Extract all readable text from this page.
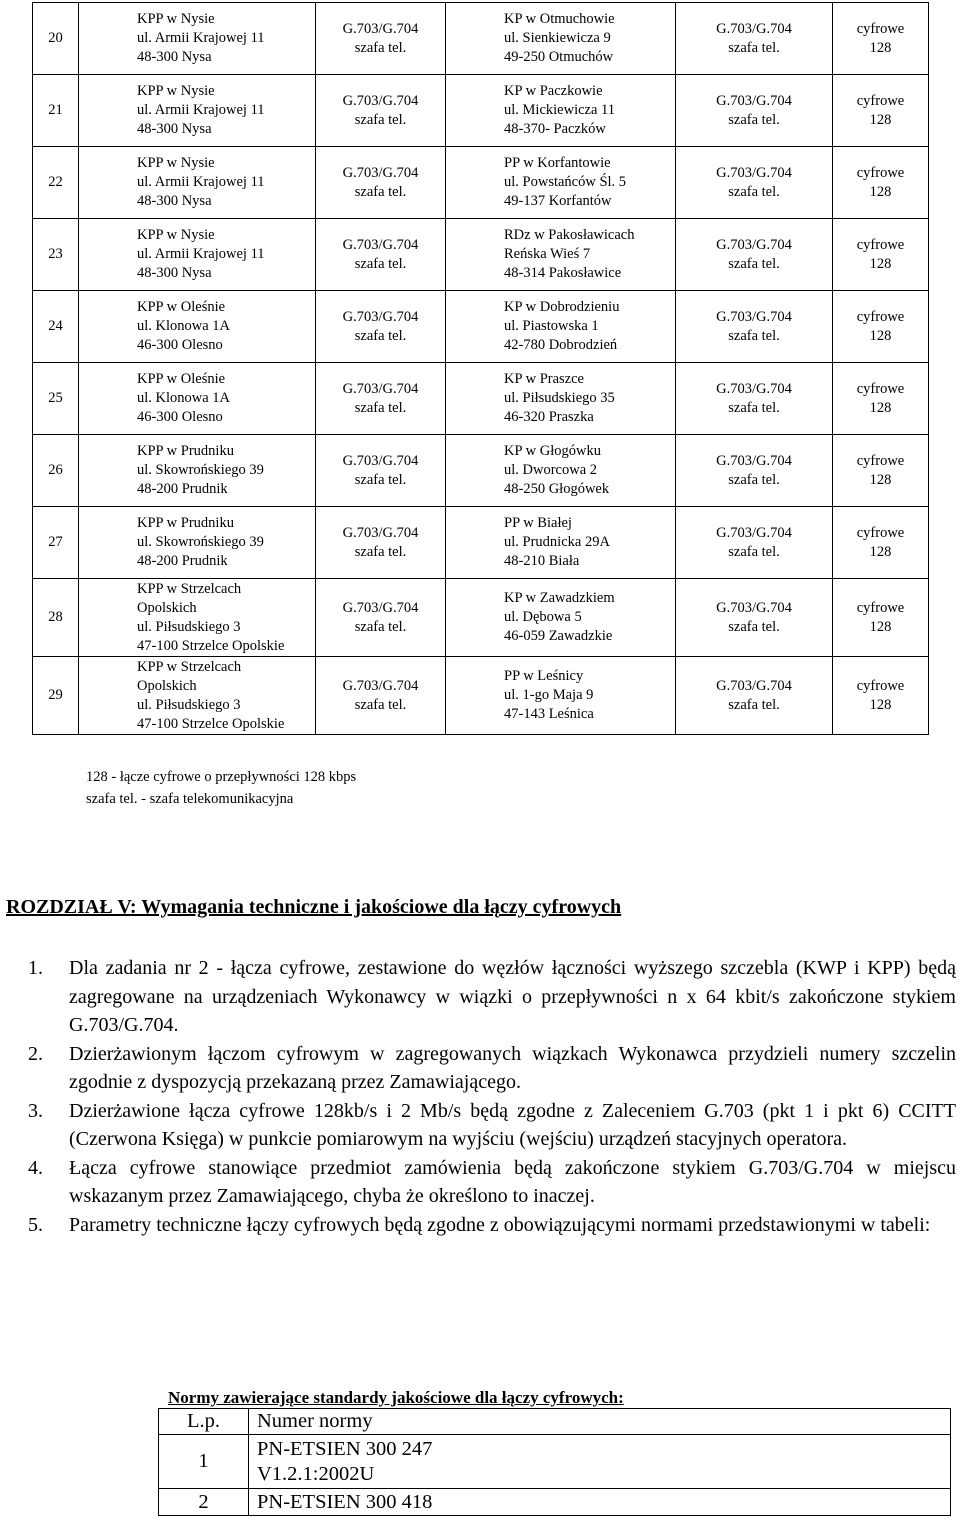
20	KPP w Nysie
ul. Armii Krajowej 11
48-300 Nysa	G.703/G.704
szafa tel.	KP w Otmuchowie
ul. Sienkiewicza 9
49-250 Otmuchów	G.703/G.704
szafa tel.	cyfrowe
128

21	KPP w Nysie
ul. Armii Krajowej 11
48-300 Nysa	G.703/G.704
szafa tel.	KP w Paczkowie
ul. Mickiewicza 11
48-370- Paczków	G.703/G.704
szafa tel.	cyfrowe
128

22	KPP w Nysie
ul. Armii Krajowej 11
48-300 Nysa	G.703/G.704
szafa tel.	PP w Korfantowie
ul. Powstańców Śl. 5
49-137 Korfantów	G.703/G.704
szafa tel.	cyfrowe
128

23	KPP w Nysie
ul. Armii Krajowej 11
48-300 Nysa	G.703/G.704
szafa tel.	RDz w Pakosławicach
Reńska Wieś 7
48-314 Pakosławice	G.703/G.704
szafa tel.	cyfrowe
128

24	KPP w Oleśnie
ul. Klonowa 1A
46-300 Olesno	G.703/G.704
szafa tel.	KP w Dobrodzieniu
ul. Piastowska 1
42-780 Dobrodzień	G.703/G.704
szafa tel.	cyfrowe
128

25	KPP w Oleśnie
ul. Klonowa 1A
46-300 Olesno	G.703/G.704
szafa tel.	KP w Praszce
ul. Piłsudskiego 35
46-320 Praszka	G.703/G.704
szafa tel.	cyfrowe
128

26	KPP w Prudniku
ul. Skowrońskiego 39
48-200 Prudnik	G.703/G.704
szafa tel.	KP w Głogówku
ul. Dworcowa 2
48-250 Głogówek	G.703/G.704
szafa tel.	cyfrowe
128

27	KPP w Prudniku
ul. Skowrońskiego 39
48-200 Prudnik	G.703/G.704
szafa tel.	PP w Białej
ul. Prudnicka 29A
48-210 Biała	G.703/G.704
szafa tel.	cyfrowe
128

28	KPP w Strzelcach
Opolskich
ul. Piłsudskiego 3
47-100 Strzelce Opolskie	G.703/G.704
szafa tel.	KP w Zawadzkiem
ul. Dębowa 5
46-059 Zawadzkie	G.703/G.704
szafa tel.	cyfrowe
128

29	KPP w Strzelcach
Opolskich
ul. Piłsudskiego 3
47-100 Strzelce Opolskie	G.703/G.704
szafa tel.	PP w Leśnicy
ul. 1-go Maja 9
47-143 Leśnica	G.703/G.704
szafa tel.	cyfrowe
128
128 - łącze cyfrowe o przepływności 128 kbps
szafa tel. - szafa telekomunikacyjna
ROZDZIAŁ V: Wymagania techniczne i jakościowe dla łączy cyfrowych
1. Dla zadania nr 2 - łącza cyfrowe, zestawione do węzłów łączności wyższego szczebla (KWP i KPP) będą zagregowane na urządzeniach Wykonawcy w wiązki o przepływności n x 64 kbit/s zakończone stykiem G.703/G.704.
2. Dzierżawionym łączom cyfrowym w zagregowanych wiązkach Wykonawca przydzieli numery szczelin zgodnie z dyspozycją przekazaną przez Zamawiającego.
3. Dzierżawione łącza cyfrowe 128kb/s i 2 Mb/s będą zgodne z Zaleceniem G.703 (pkt 1 i pkt 6) CCITT (Czerwona Księga) w punkcie pomiarowym na wyjściu (wejściu) urządzeń stacyjnych operatora.
4. Łącza cyfrowe stanowiące przedmiot zamówienia będą zakończone stykiem G.703/G.704 w miejscu wskazanym przez Zamawiającego, chyba że określono to inaczej.
5. Parametry techniczne łączy cyfrowych będą zgodne z obowiązującymi normami przedstawionymi w tabeli:
Normy zawierające standardy jakościowe dla łączy cyfrowych:
L.p.	Numer normy
1	PN-ETSIEN 300 247
V1.2.1:2002U

2	PN-ETSIEN 300 418
